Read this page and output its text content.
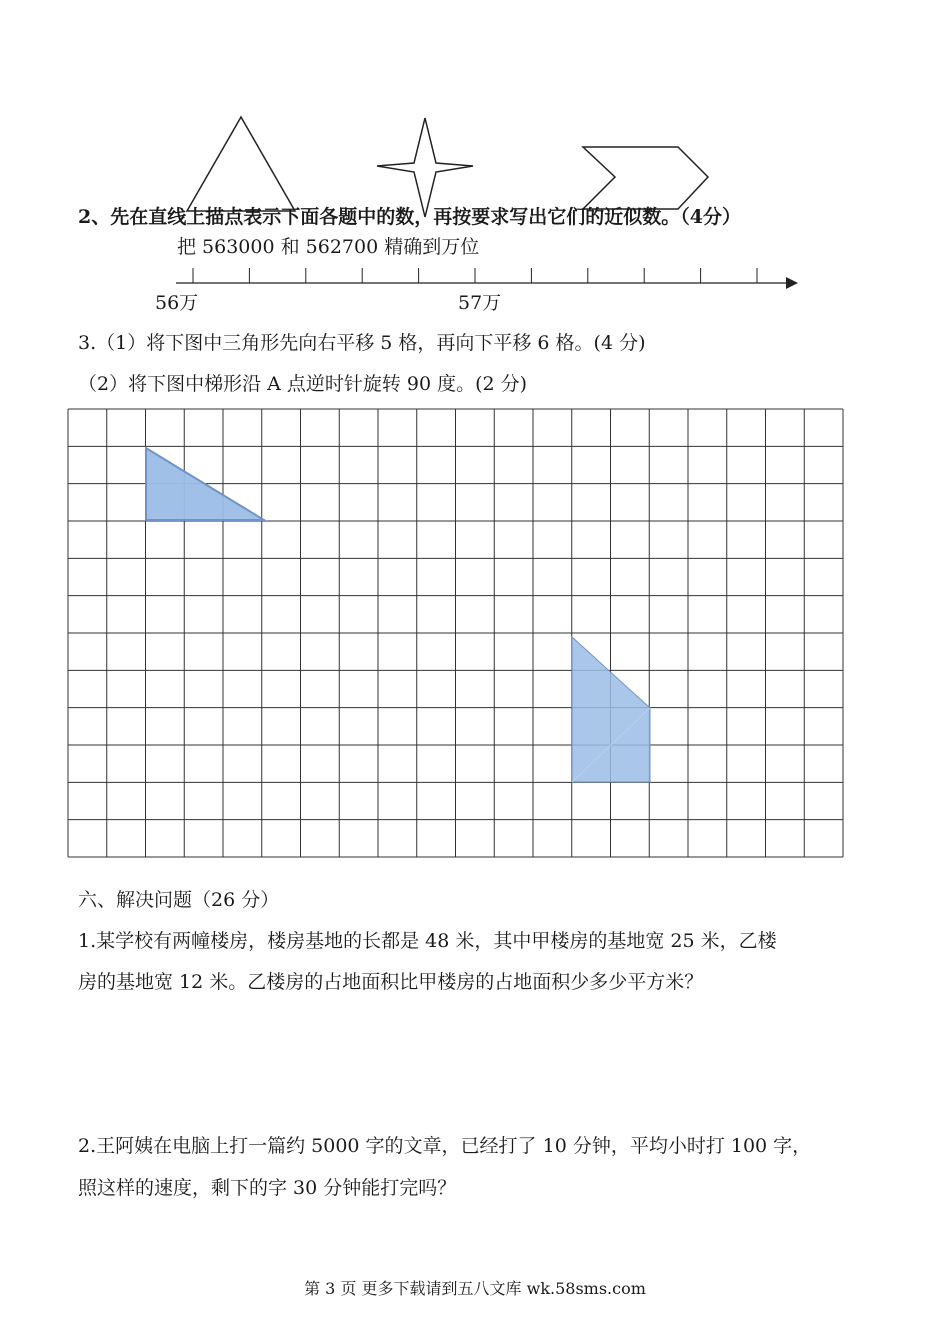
2、先在直线上描点表示下面各题中的数，再按要求写出它们的近似数。（4分）
把 563000 和 562700 精确到万位
56万	57万
3.（1）将下图中三角形先向右平移 5 格，再向下平移 6 格。(4 分)
（2）将下图中梯形沿 A 点逆时针旋转 90 度。(2 分)
六、解决问题（26 分）
1.某学校有两幢楼房，楼房基地的长都是 48 米，其中甲楼房的基地宽 25 米，乙楼
房的基地宽 12 米。乙楼房的占地面积比甲楼房的占地面积少多少平方米？
2.王阿姨在电脑上打一篇约 5000 字的文章，已经打了 10 分钟，平均小时打 100 字，
照这样的速度，剩下的字 30 分钟能打完吗？
第 3 页 更多下载请到五八文库 wk.58sms.com
